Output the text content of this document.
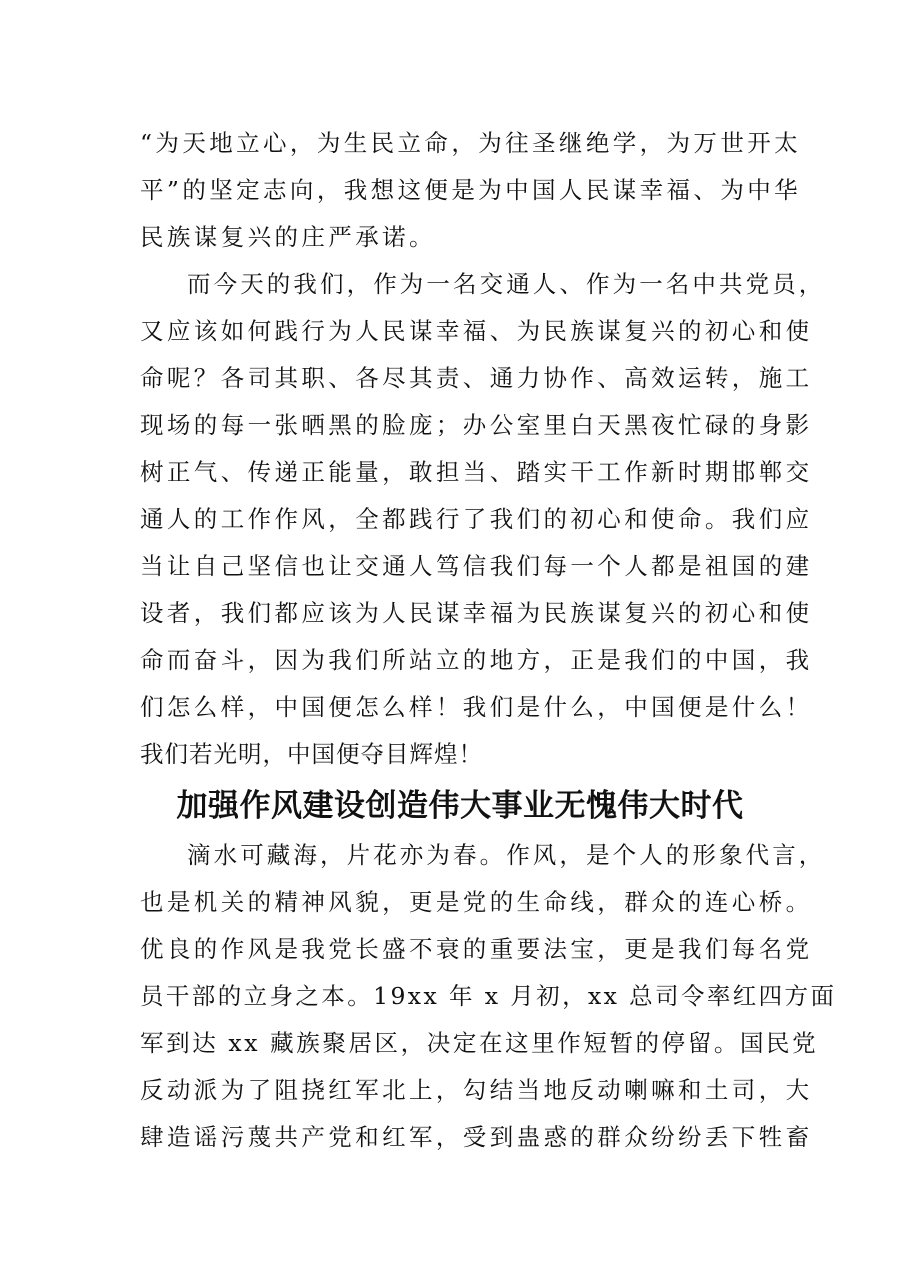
“为天地立心，为生民立命，为往圣继绝学，为万世开太
平”的坚定志向，我想这便是为中国人民谋幸福、为中华
民族谋复兴的庄严承诺。
而今天的我们，作为一名交通人、作为一名中共党员，
又应该如何践行为人民谋幸福、为民族谋复兴的初心和使
命呢？各司其职、各尽其责、通力协作、高效运转，施工
现场的每一张晒黑的脸庞；办公室里白天黑夜忙碌的身影
树正气、传递正能量，敢担当、踏实干工作新时期邯郸交
通人的工作作风，全都践行了我们的初心和使命。我们应
当让自己坚信也让交通人笃信我们每一个人都是祖国的建
设者，我们都应该为人民谋幸福为民族谋复兴的初心和使
命而奋斗，因为我们所站立的地方，正是我们的中国，我
们怎么样，中国便怎么样！我们是什么，中国便是什么！
我们若光明，中国便夺目辉煌！
加强作风建设创造伟大事业无愧伟大时代
滴水可藏海，片花亦为春。作风，是个人的形象代言，
也是机关的精神风貌，更是党的生命线，群众的连心桥。
优良的作风是我党长盛不衰的重要法宝，更是我们每名党
员干部的立身之本。19xx 年 x 月初，xx 总司令率红四方面
军到达 xx 藏族聚居区，决定在这里作短暂的停留。国民党
反动派为了阻挠红军北上，勾结当地反动喇嘛和土司，大
肆造谣污蔑共产党和红军，受到蛊惑的群众纷纷丢下牲畜
